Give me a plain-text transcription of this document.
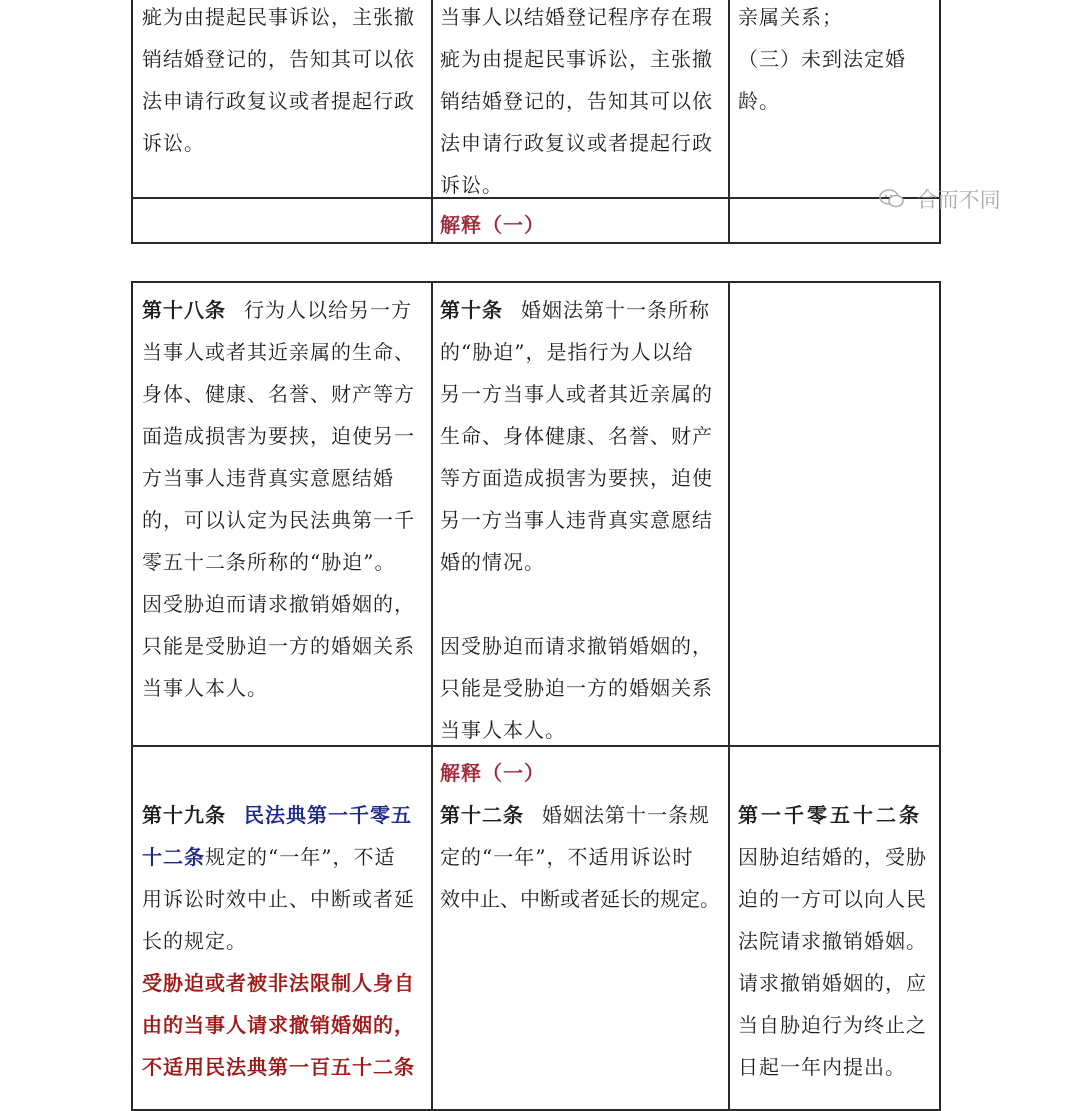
疵为由提起民事诉讼，主张撤
销结婚登记的，告知其可以依
法申请行政复议或者提起行政
诉讼。
当事人以结婚登记程序存在瑕
疵为由提起民事诉讼，主张撤
销结婚登记的，告知其可以依
法申请行政复议或者提起行政
诉讼。
亲属关系；
（三）未到法定婚龄。
解释（一）
合而不同
第十八条 行为人以给另一方
当事人或者其近亲属的生命、
身体、健康、名誉、财产等方
面造成损害为要挟，迫使另一
方当事人违背真实意愿结婚
的，可以认定为民法典第一千
零五十二条所称的“胁迫”。
因受胁迫而请求撤销婚姻的，
只能是受胁迫一方的婚姻关系
当事人本人。
第十条 婚姻法第十一条所称
的“胁迫”，是指行为人以给
另一方当事人或者其近亲属的
生命、身体健康、名誉、财产
等方面造成损害为要挟，迫使
另一方当事人违背真实意愿结
婚的情况。
因受胁迫而请求撤销婚姻的，
只能是受胁迫一方的婚姻关系
当事人本人。
解释（一）
第十九条 民法典第一千零五
十二条规定的“一年”，不适
用诉讼时效中止、中断或者延
长的规定。
受胁迫或者被非法限制人身自
由的当事人请求撤销婚姻的，
不适用民法典第一百五十二条
第十二条 婚姻法第十一条规
定的“一年”，不适用诉讼时
效中止、中断或者延长的规定。
第一千零五十二条
因胁迫结婚的，受胁
迫的一方可以向人民
法院请求撤销婚姻。
请求撤销婚姻的，应
当自胁迫行为终止之
日起一年内提出。
